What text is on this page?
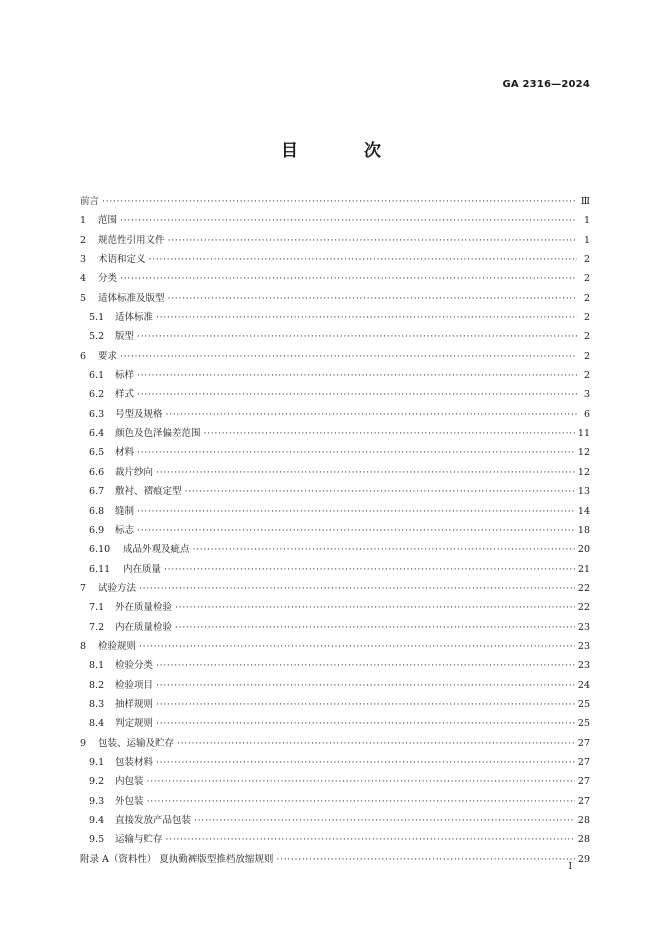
GA 2316—2024
目 次
前言 ·····	Ⅲ
1	范围 ·····	1
2	规范性引用文件 ·····	1
3	术语和定义 ·····	2
4	分类 ·····	2
5	适体标准及版型 ·····	2
5.1	适体标准 ·····	2
5.2	版型 ·····	2
6	要求 ·····	2
6.1	标样 ·····	2
6.2	样式 ·····	3
6.3	号型及规格 ·····	6
6.4	颜色及色泽偏差范围 ·····	11
6.5	材料 ·····	12
6.6	裁片纱向 ·····	12
6.7	敷衬、褶痕定型 ·····	13
6.8	缝制 ·····	14
6.9	标志 ·····	18
6.10	成品外观及疵点 ·····	20
6.11	内在质量 ·····	21
7	试验方法 ·····	22
7.1	外在质量检验 ·····	22
7.2	内在质量检验 ·····	23
8	检验规则 ·····	23
8.1	检验分类 ·····	23
8.2	检验项目 ·····	24
8.3	抽样规则 ·····	25
8.4	判定规则 ·····	25
9	包装、运输及贮存 ·····	27
9.1	包装材料 ·····	27
9.2	内包装 ·····	27
9.3	外包装 ·····	27
9.4	直接发放产品包装 ·····	28
9.5	运输与贮存 ·····	28
附录 A（资料性） 夏执勤裤版型推档放缩规则 ·····	29
I
